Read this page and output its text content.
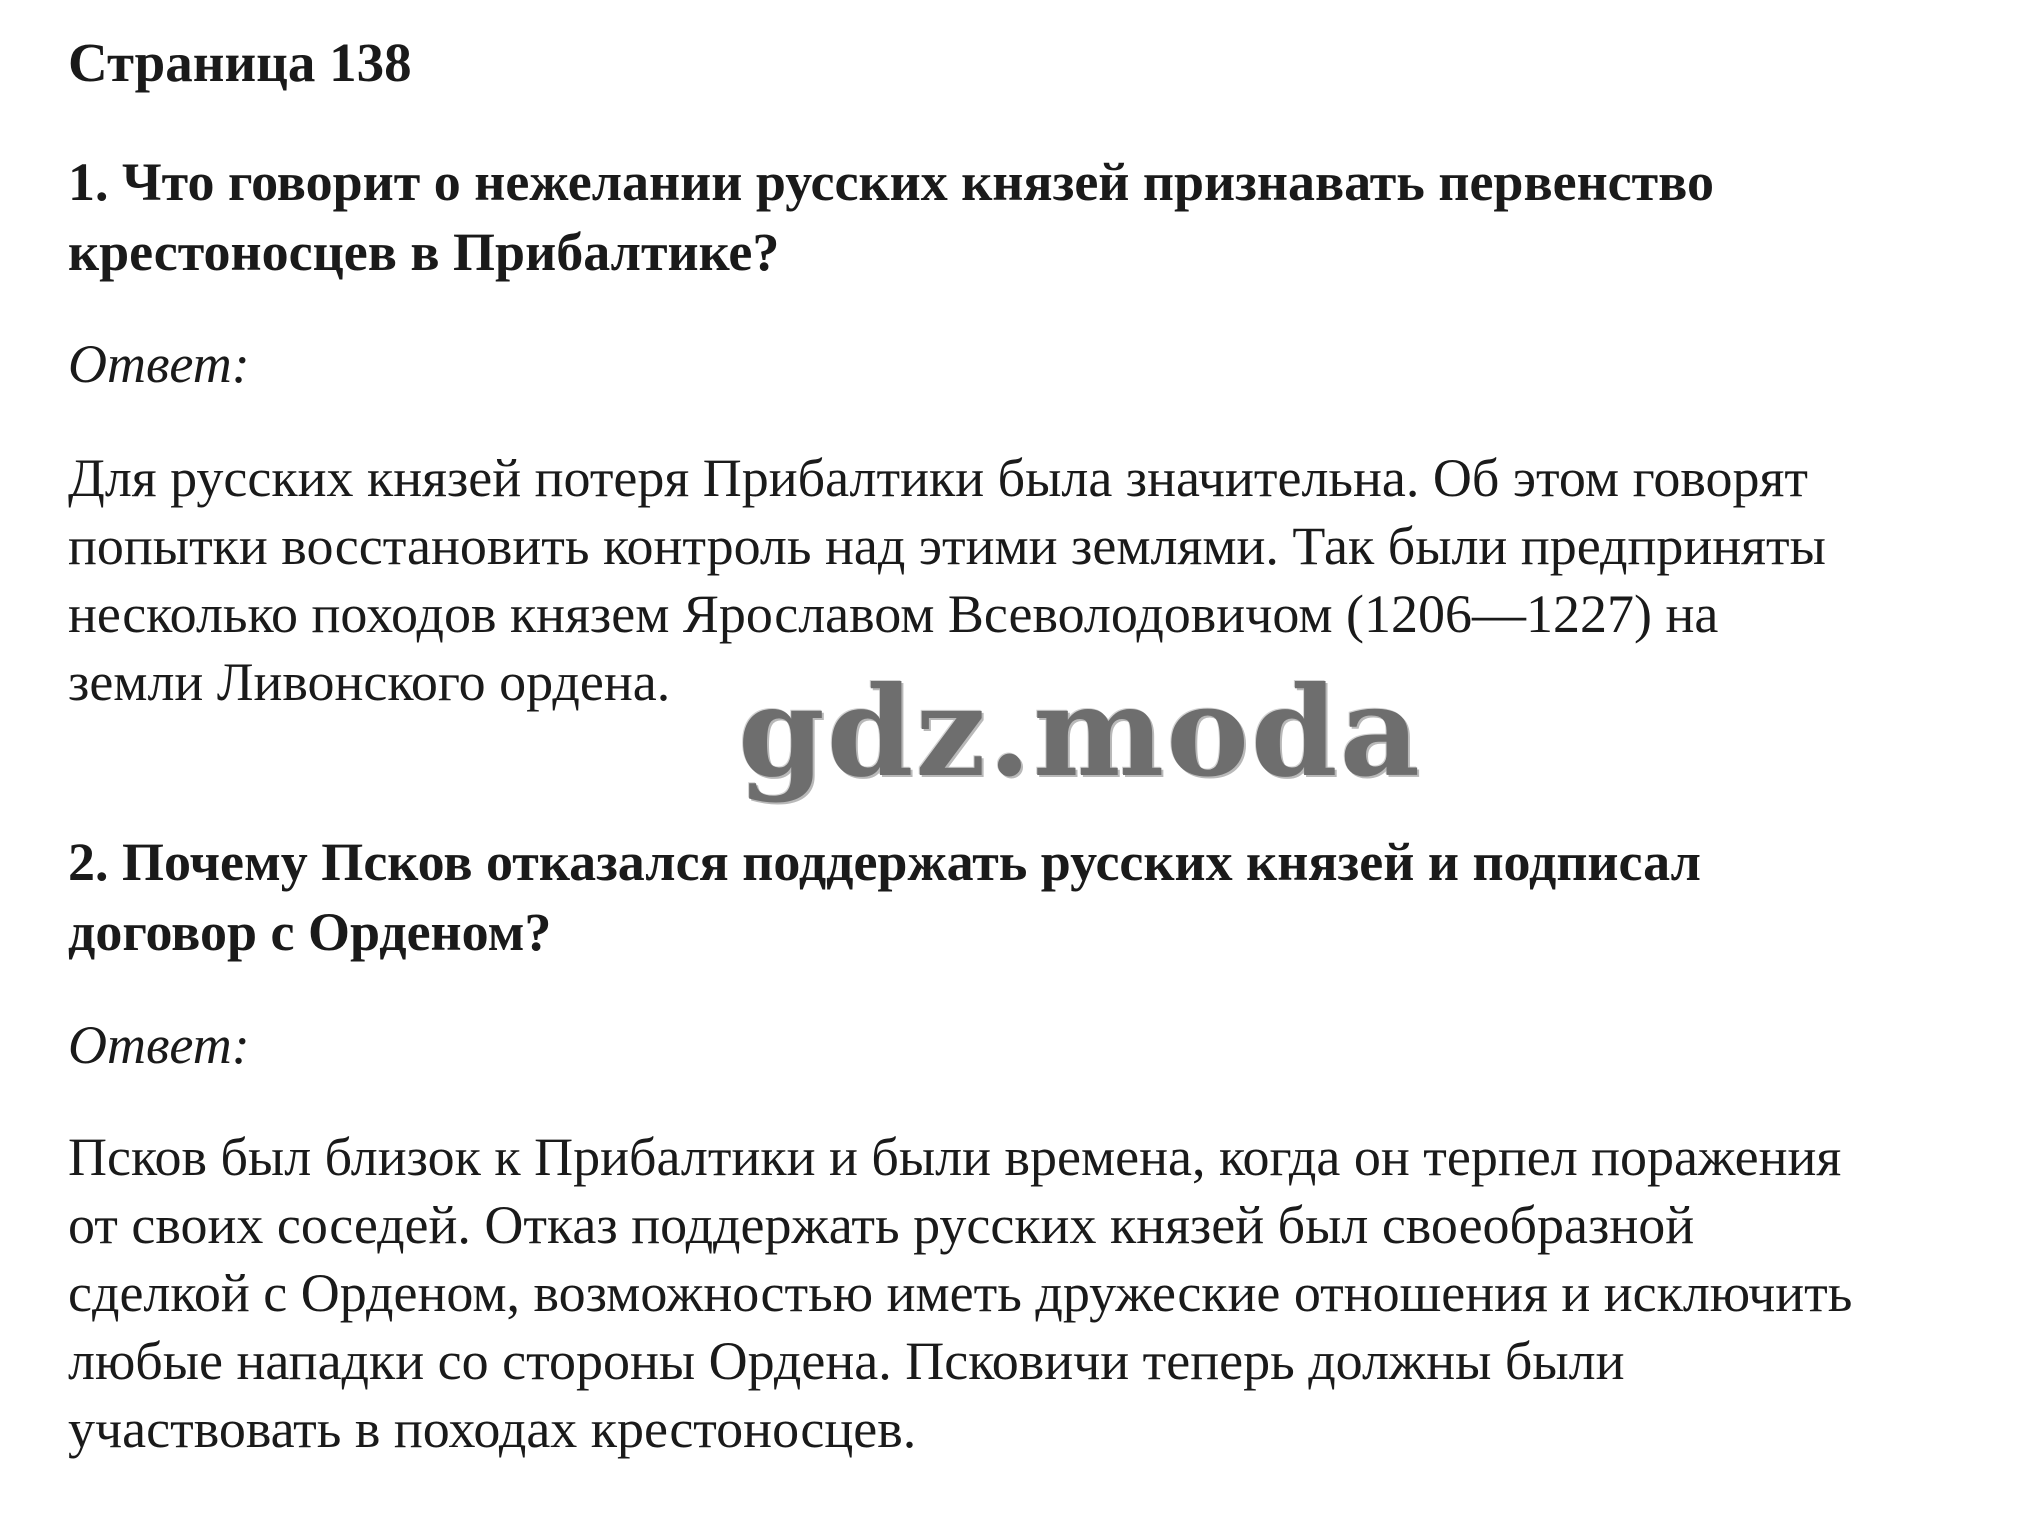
Страница 138
1. Что говорит о нежелании русских князей признавать первенство
крестоносцев в Прибалтике?
Ответ:
Для русских князей потеря Прибалтики была значительна. Об этом говорят
попытки восстановить контроль над этими землями. Так были предприняты
несколько походов князем Ярославом Всеволодовичом (1206—1227) на
земли Ливонского ордена. gdz.moda
2. Почему Псков отказался поддержать русских князей и подписал
договор с Орденом?
Ответ:
Псков был близок к Прибалтики и были времена, когда он терпел поражения
от своих соседей. Отказ поддержать русских князей был своеобразной
сделкой с Орденом, возможностью иметь дружеские отношения и исключить
любые нападки со стороны Ордена. Псковичи теперь должны были
участвовать в походах крестоносцев.
